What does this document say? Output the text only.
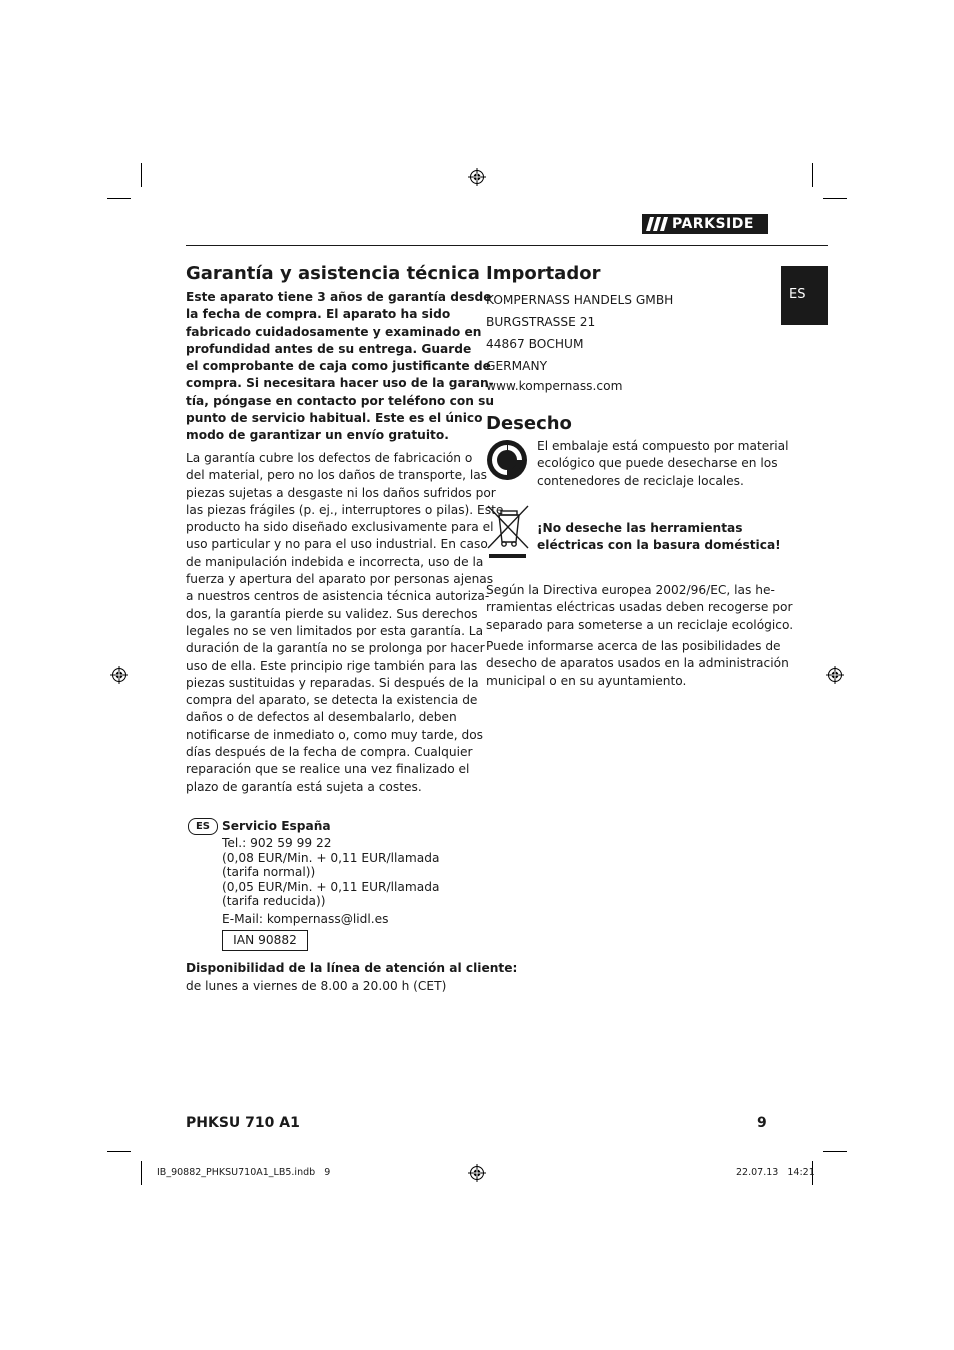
PARKSIDE
ES
Garantía y asistencia técnica
Este aparato tiene 3 años de garantía desde
la fecha de compra. El aparato ha sido
fabricado cuidadosamente y examinado en
profundidad antes de su entrega. Guarde
el comprobante de caja como justificante de
compra. Si necesitara hacer uso de la garan-
tía, póngase en contacto por teléfono con su
punto de servicio habitual. Este es el único
modo de garantizar un envío gratuito.
La garantía cubre los defectos de fabricación o
del material, pero no los daños de transporte, las
piezas sujetas a desgaste ni los daños sufridos por
las piezas frágiles (p. ej., interruptores o pilas). Este
producto ha sido diseñado exclusivamente para el
uso particular y no para el uso industrial. En caso
de manipulación indebida e incorrecta, uso de la
fuerza y apertura del aparato por personas ajenas
a nuestros centros de asistencia técnica autoriza-
dos, la garantía pierde su validez. Sus derechos
legales no se ven limitados por esta garantía. La
duración de la garantía no se prolonga por hacer
uso de ella. Este principio rige también para las
piezas sustituidas y reparadas. Si después de la
compra del aparato, se detecta la existencia de
daños o de defectos al desembalarlo, deben
notificarse de inmediato o, como muy tarde, dos
días después de la fecha de compra. Cualquier
reparación que se realice una vez finalizado el
plazo de garantía está sujeta a costes.
ES Servicio España
Tel.: 902 59 99 22
(0,08 EUR/Min. + 0,11 EUR/llamada
(tarifa normal))
(0,05 EUR/Min. + 0,11 EUR/llamada
(tarifa reducida))
E-Mail: kompernass@lidl.es
IAN 90882
Disponibilidad de la línea de atención al cliente:
de lunes a viernes de 8.00 a 20.00 h (CET)
Importador
KOMPERNASS HANDELS GMBH
BURGSTRASSE 21
44867 BOCHUM
GERMANY
www.kompernass.com
Desecho
El embalaje está compuesto por material
ecológico que puede desecharse en los
contenedores de reciclaje locales.
¡No deseche las herramientas
eléctricas con la basura doméstica!
Según la Directiva europea 2002/96/EC, las he-
rramientas eléctricas usadas deben recogerse por
separado para someterse a un reciclaje ecológico.
Puede informarse acerca de las posibilidades de
desecho de aparatos usados en la administración
municipal o en su ayuntamiento.
PHKSU 710 A1	9
IB_90882_PHKSU710A1_LB5.indb   9	22.07.13   14:21
